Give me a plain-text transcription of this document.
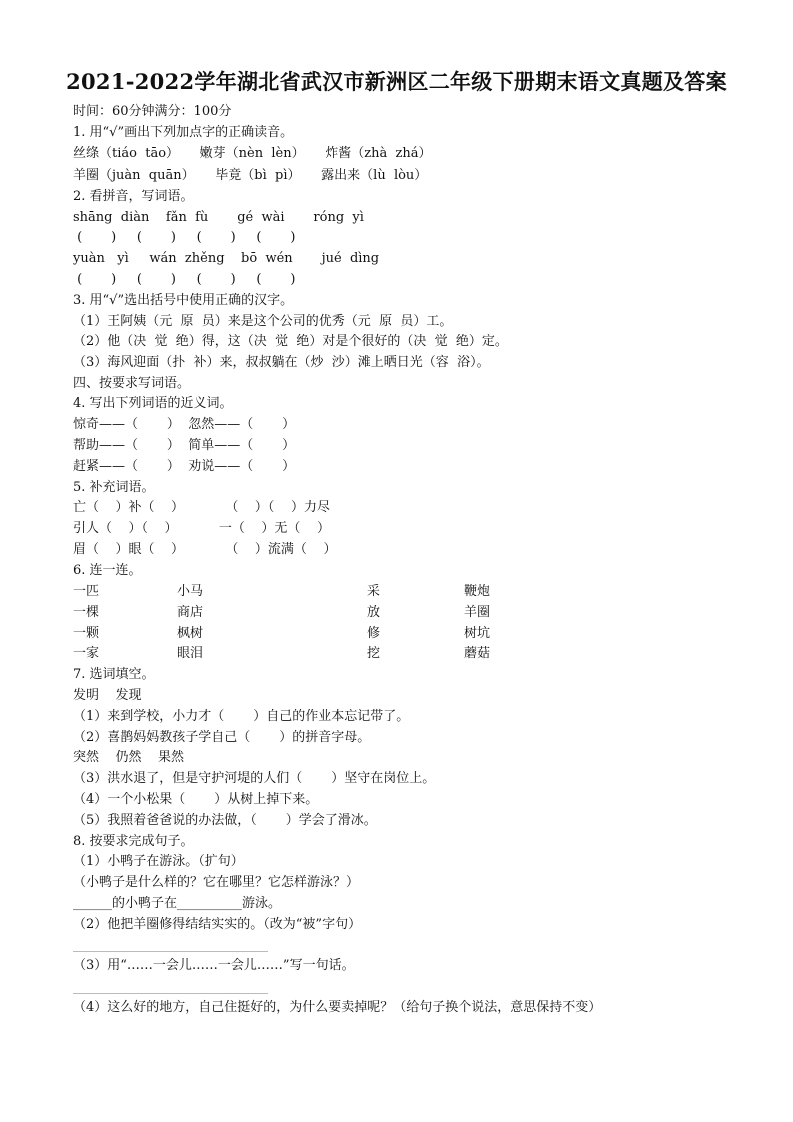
2021-2022学年湖北省武汉市新洲区二年级下册期末语文真题及答案
时间：60分钟满分：100分
1. 用“√”画出下列加点字的正确读音。
丝绦（tiáo  tāo）     嫩芽（nèn  lèn）     炸酱（zhà  zhá）
羊圈（juàn  quān）     毕竟（bì  pì）     露出来（lù  lòu）
2. 看拼音，写词语。
shāng  diàn    fǎn  fù       gé  wài       róng  yì
(       )     (       )     (       )     (       )
yuàn   yì     wán  zhěng    bō  wén       jué  dìng
(       )     (       )     (       )     (       )
3. 用“√”选出括号中使用正确的汉字。
（1）王阿姨（元  原  员）来是这个公司的优秀（元  原  员）工。
（2）他（决  觉  绝）得，这（决  觉  绝）对是个很好的（决  觉  绝）定。
（3）海风迎面（扑  补）来，叔叔躺在（炒  沙）滩上晒日光（容  浴）。
四、按要求写词语。
4. 写出下列词语的近义词。
惊奇——（       ）  忽然——（       ）
帮助——（       ）  简单——（       ）
赶紧——（       ）  劝说——（       ）
5. 补充词语。
亡（    ）补（    ）          （    ）（    ）力尽
引人（    ）（    ）          一（    ）无（    ）
眉（    ）眼（    ）          （    ）流满（    ）
6. 连一连。
一匹	小马	采	鞭炮
一棵	商店	放	羊圈
一颗	枫树	修	树坑
一家	眼泪	挖	蘑菇
7. 选词填空。
发明    发现
（1）来到学校，小力才（       ）自己的作业本忘记带了。
（2）喜鹊妈妈教孩子学自己（       ）的拼音字母。
突然    仍然    果然
（3）洪水退了，但是守护河堤的人们（       ）坚守在岗位上。
（4）一个小松果（       ）从树上掉下来。
（5）我照着爸爸说的办法做，（       ）学会了滑冰。
8. 按要求完成句子。
（1）小鸭子在游泳。（扩句）
（小鸭子是什么样的？它在哪里？它怎样游泳？）
______的小鸭子在__________游泳。
（2）他把羊圈修得结结实实的。（改为“被”字句）
（3）用“……一会儿……一会儿……”写一句话。
（4）这么好的地方，自己住挺好的，为什么要卖掉呢？（给句子换个说法，意思保持不变）
